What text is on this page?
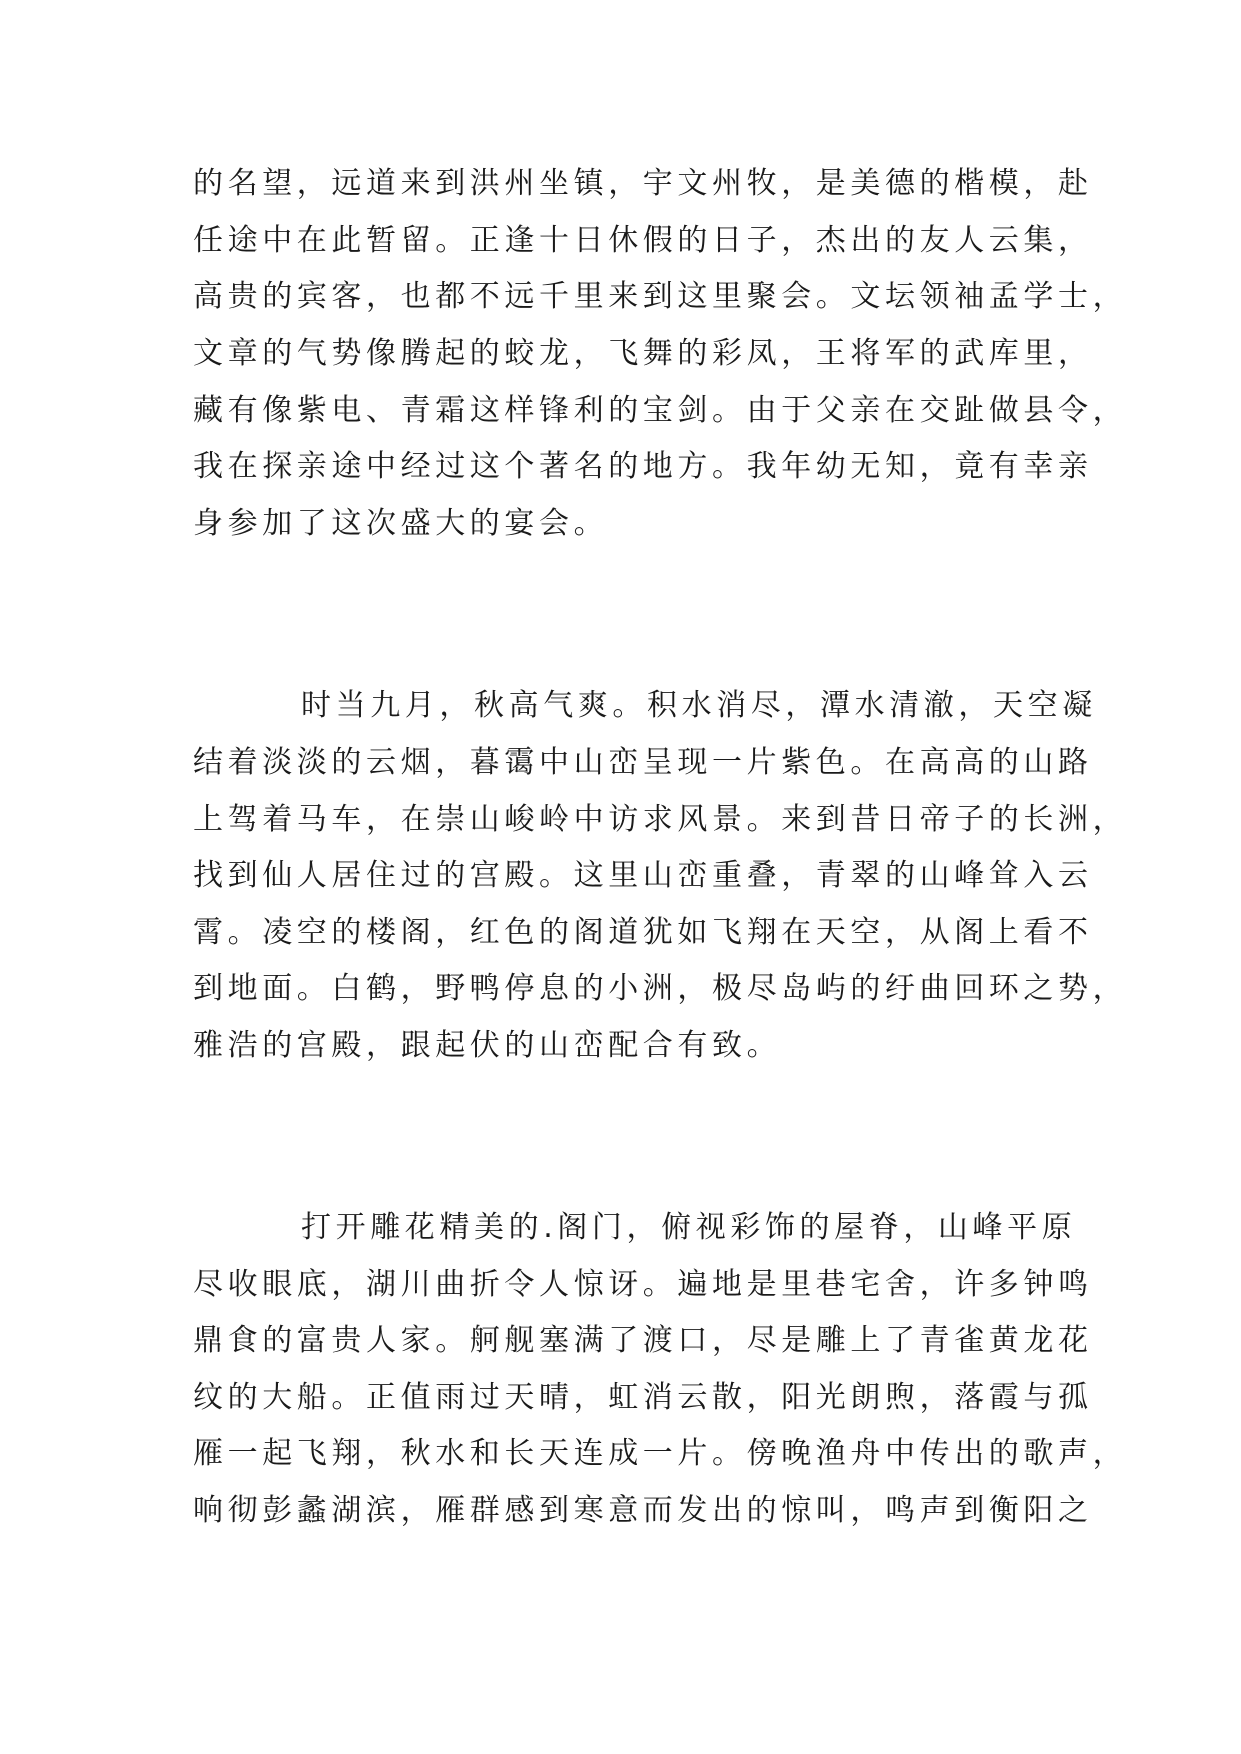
的名望，远道来到洪州坐镇，宇文州牧，是美德的楷模，赴

任途中在此暂留。正逢十日休假的日子，杰出的友人云集，

高贵的宾客，也都不远千里来到这里聚会。文坛领袖孟学士，

文章的气势像腾起的蛟龙，飞舞的彩凤，王将军的武库里，

藏有像紫电、青霜这样锋利的宝剑。由于父亲在交趾做县令，

我在探亲途中经过这个著名的地方。我年幼无知，竟有幸亲

身参加了这次盛大的宴会。

时当九月，秋高气爽。积水消尽，潭水清澈，天空凝

结着淡淡的云烟，暮霭中山峦呈现一片紫色。在高高的山路

上驾着马车，在崇山峻岭中访求风景。来到昔日帝子的长洲，

找到仙人居住过的宫殿。这里山峦重叠，青翠的山峰耸入云

霄。凌空的楼阁，红色的阁道犹如飞翔在天空，从阁上看不

到地面。白鹤，野鸭停息的小洲，极尽岛屿的纡曲回环之势，

雅浩的宫殿，跟起伏的山峦配合有致。

打开雕花精美的.阁门，俯视彩饰的屋脊，山峰平原

尽收眼底，湖川曲折令人惊讶。遍地是里巷宅舍，许多钟鸣

鼎食的富贵人家。舸舰塞满了渡口，尽是雕上了青雀黄龙花

纹的大船。正值雨过天晴，虹消云散，阳光朗煦，落霞与孤

雁一起飞翔，秋水和长天连成一片。傍晚渔舟中传出的歌声，

响彻彭蠡湖滨，雁群感到寒意而发出的惊叫，鸣声到衡阳之
